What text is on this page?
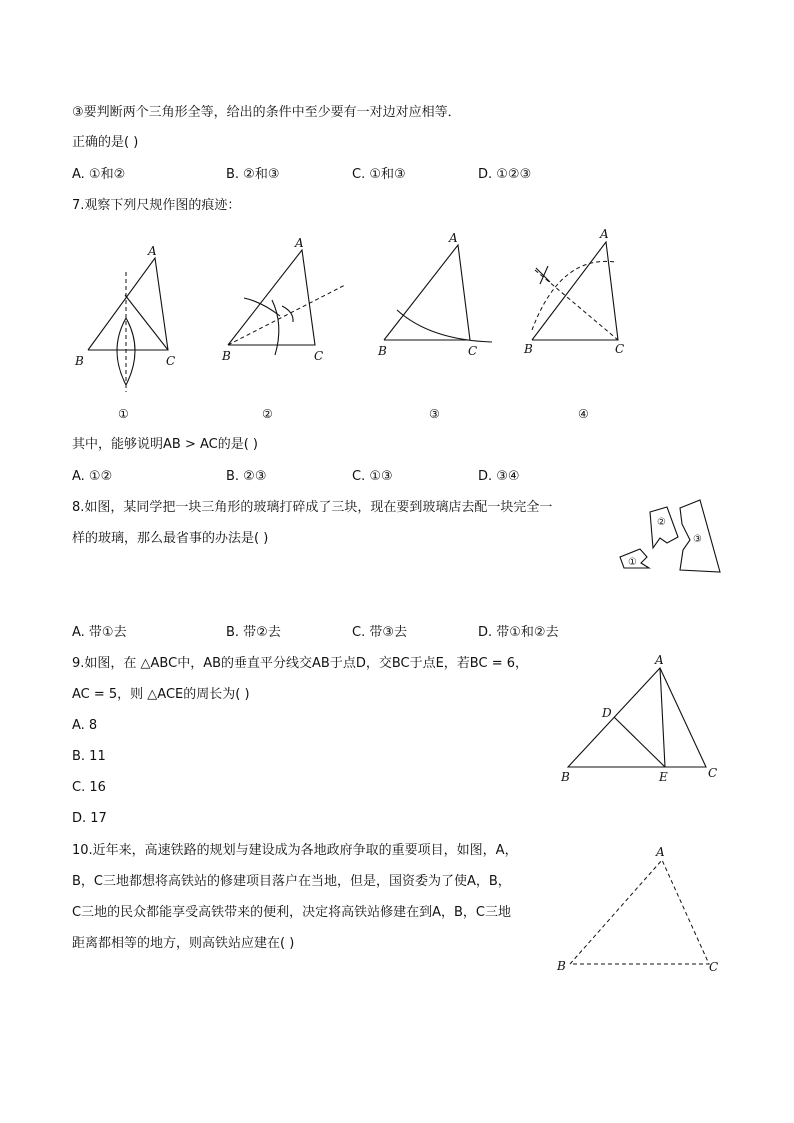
③要判断两个三角形全等，给出的条件中至少要有一对边对应相等．
正确的是( )
A. ①和②	B. ②和③	C. ①和③	D. ①②③
7.观察下列尺规作图的痕迹：
A
B	C
①
A
B	C
②
A
B	C
③
A
B	C
④
其中，能够说明AB > AC的是( )
A. ①②	B. ②③	C. ①③	D. ③④
8.如图，某同学把一块三角形的玻璃打碎成了三块，现在要到玻璃店去配一块完全一
样的玻璃，那么最省事的办法是( )
①
②
③
A. 带①去	B. 带②去	C. 带③去	D. 带①和②去
9.如图，在 △ABC中，AB的垂直平分线交AB于点D，交BC于点E，若BC = 6，
AC = 5，则 △ACE的周长为( )
A. 8
B. 11
C. 16
D. 17
A
B	C
D
E
10.近年来，高速铁路的规划与建设成为各地政府争取的重要项目，如图，A，
B，C三地都想将高铁站的修建项目落户在当地，但是，国资委为了使A，B，
C三地的民众都能享受高铁带来的便利，决定将高铁站修建在到A，B，C三地
距离都相等的地方，则高铁站应建在( )
A
B	C
